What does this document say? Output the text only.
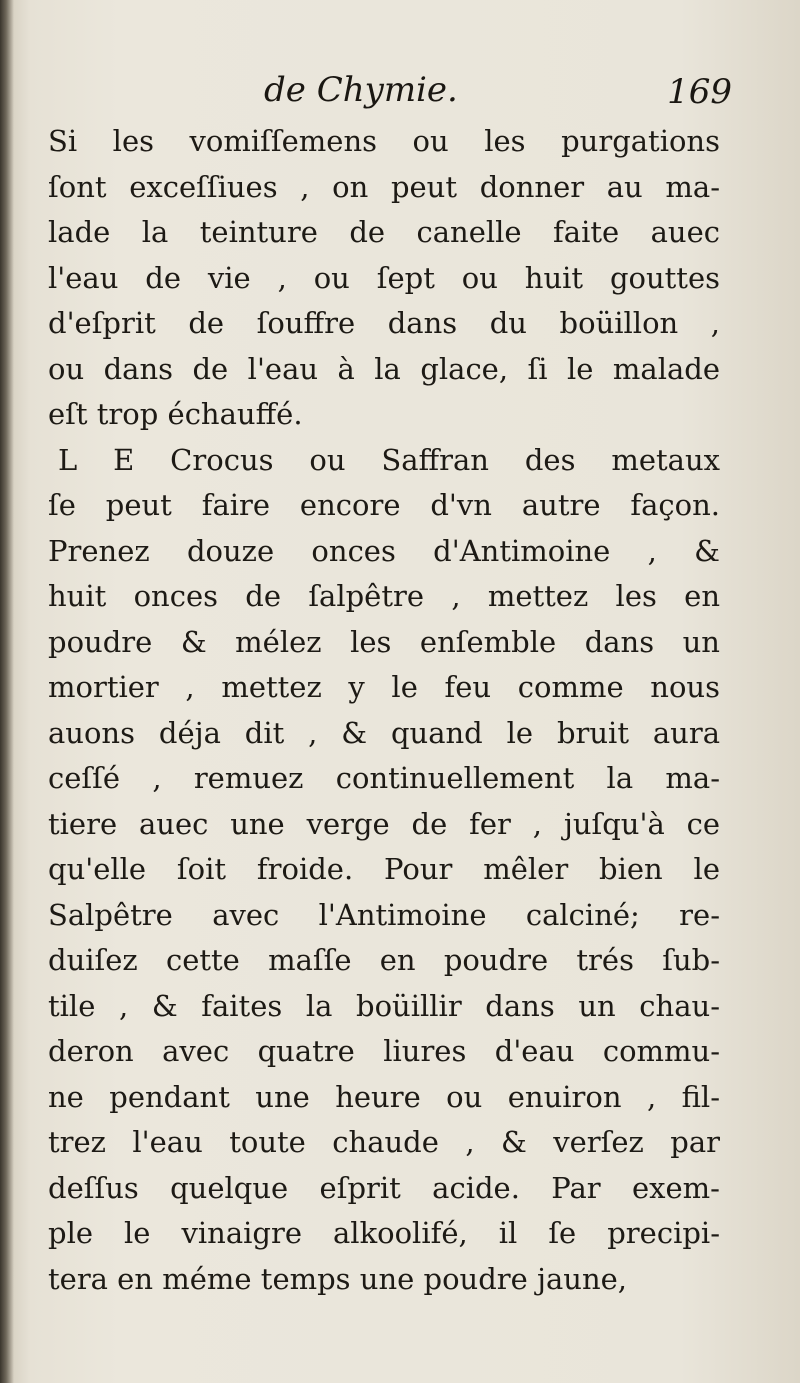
de Chymie.	169
Si les vomiſſemens ou les purgations
ſont exceſſiues , on peut donner au ma-
lade la teinture de canelle faite auec
l'eau de vie , ou ſept ou huit gouttes
d'eſprit de ſouffre dans du boüillon ,
ou dans de l'eau à la glace, ſi le malade
eſt trop échauffé.
L E Crocus ou Saffran des metaux
ſe peut faire encore d'vn autre façon.
Prenez douze onces d'Antimoine , &
huit onces de ſalpêtre , mettez les en
poudre & mélez les enſemble dans un
mortier , mettez y le feu comme nous
auons déja dit , & quand le bruit aura
ceſſé , remuez continuellement la ma-
tiere auec une verge de fer , juſqu'à ce
qu'elle ſoit froide. Pour mêler bien le
Salpêtre avec l'Antimoine calciné; re-
duiſez cette maſſe en poudre trés ſub-
tile , & faites la boüillir dans un chau-
deron avec quatre liures d'eau commu-
ne pendant une heure ou enuiron , fil-
trez l'eau toute chaude , & verſez par
deſſus quelque eſprit acide. Par exem-
ple le vinaigre alkoolifé, il ſe precipi-
tera en méme temps une poudre jaune,
